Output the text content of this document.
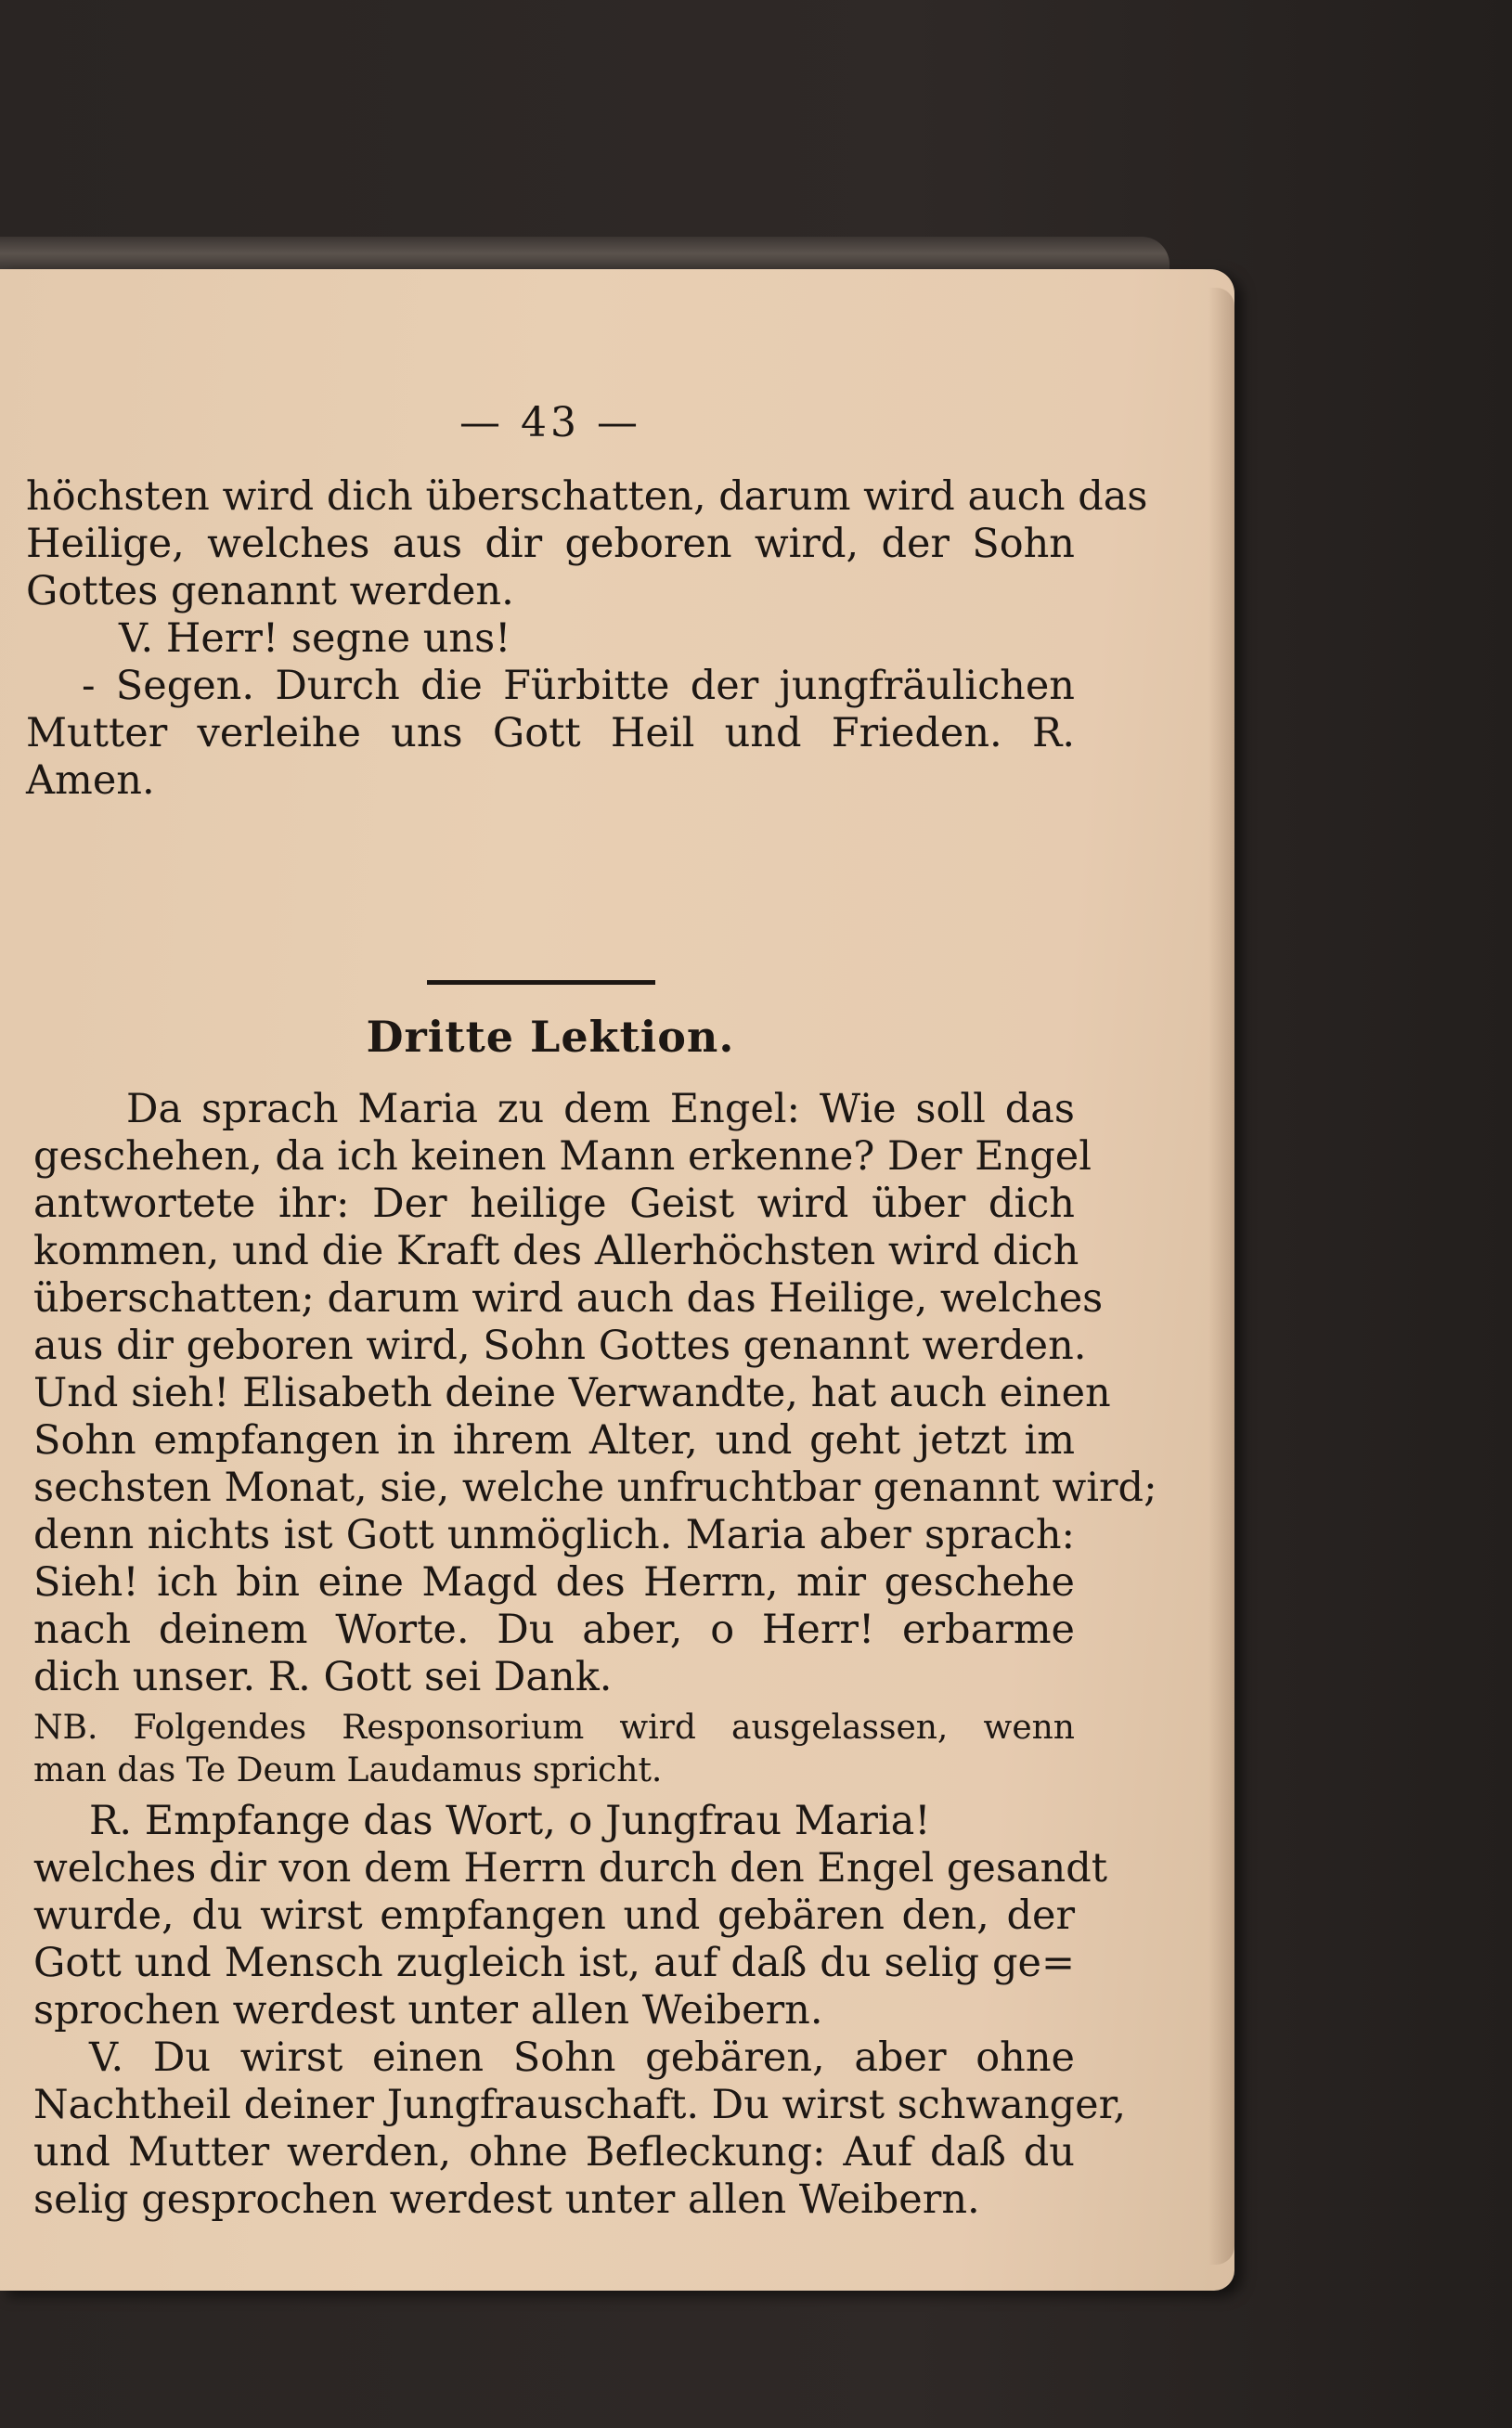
— 43 —
höchsten wird dich überschatten, darum wird auch das
Heilige, welches aus dir geboren wird, der Sohn
Gottes genannt werden.
V. Herr! segne uns!
- Segen. Durch die Fürbitte der jungfräulichen
Mutter verleihe uns Gott Heil und Frieden. R.
Amen.
Dritte Lektion.
Da sprach Maria zu dem Engel: Wie soll das
geschehen, da ich keinen Mann erkenne? Der Engel
antwortete ihr: Der heilige Geist wird über dich
kommen, und die Kraft des Allerhöchsten wird dich
überschatten; darum wird auch das Heilige, welches
aus dir geboren wird, Sohn Gottes genannt werden.
Und sieh! Elisabeth deine Verwandte, hat auch einen
Sohn empfangen in ihrem Alter, und geht jetzt im
sechsten Monat, sie, welche unfruchtbar genannt wird;
denn nichts ist Gott unmöglich. Maria aber sprach:
Sieh! ich bin eine Magd des Herrn, mir geschehe
nach deinem Worte. Du aber, o Herr! erbarme
dich unser. R. Gott sei Dank.
NB. Folgendes Responsorium wird ausgelassen, wenn
man das Te Deum Laudamus spricht.
R. Empfange das Wort, o Jungfrau Maria!
welches dir von dem Herrn durch den Engel gesandt
wurde, du wirst empfangen und gebären den, der
Gott und Mensch zugleich ist, auf daß du selig ge=
sprochen werdest unter allen Weibern.
V. Du wirst einen Sohn gebären, aber ohne
Nachtheil deiner Jungfrauschaft. Du wirst schwanger,
und Mutter werden, ohne Befleckung: Auf daß du
selig gesprochen werdest unter allen Weibern.
